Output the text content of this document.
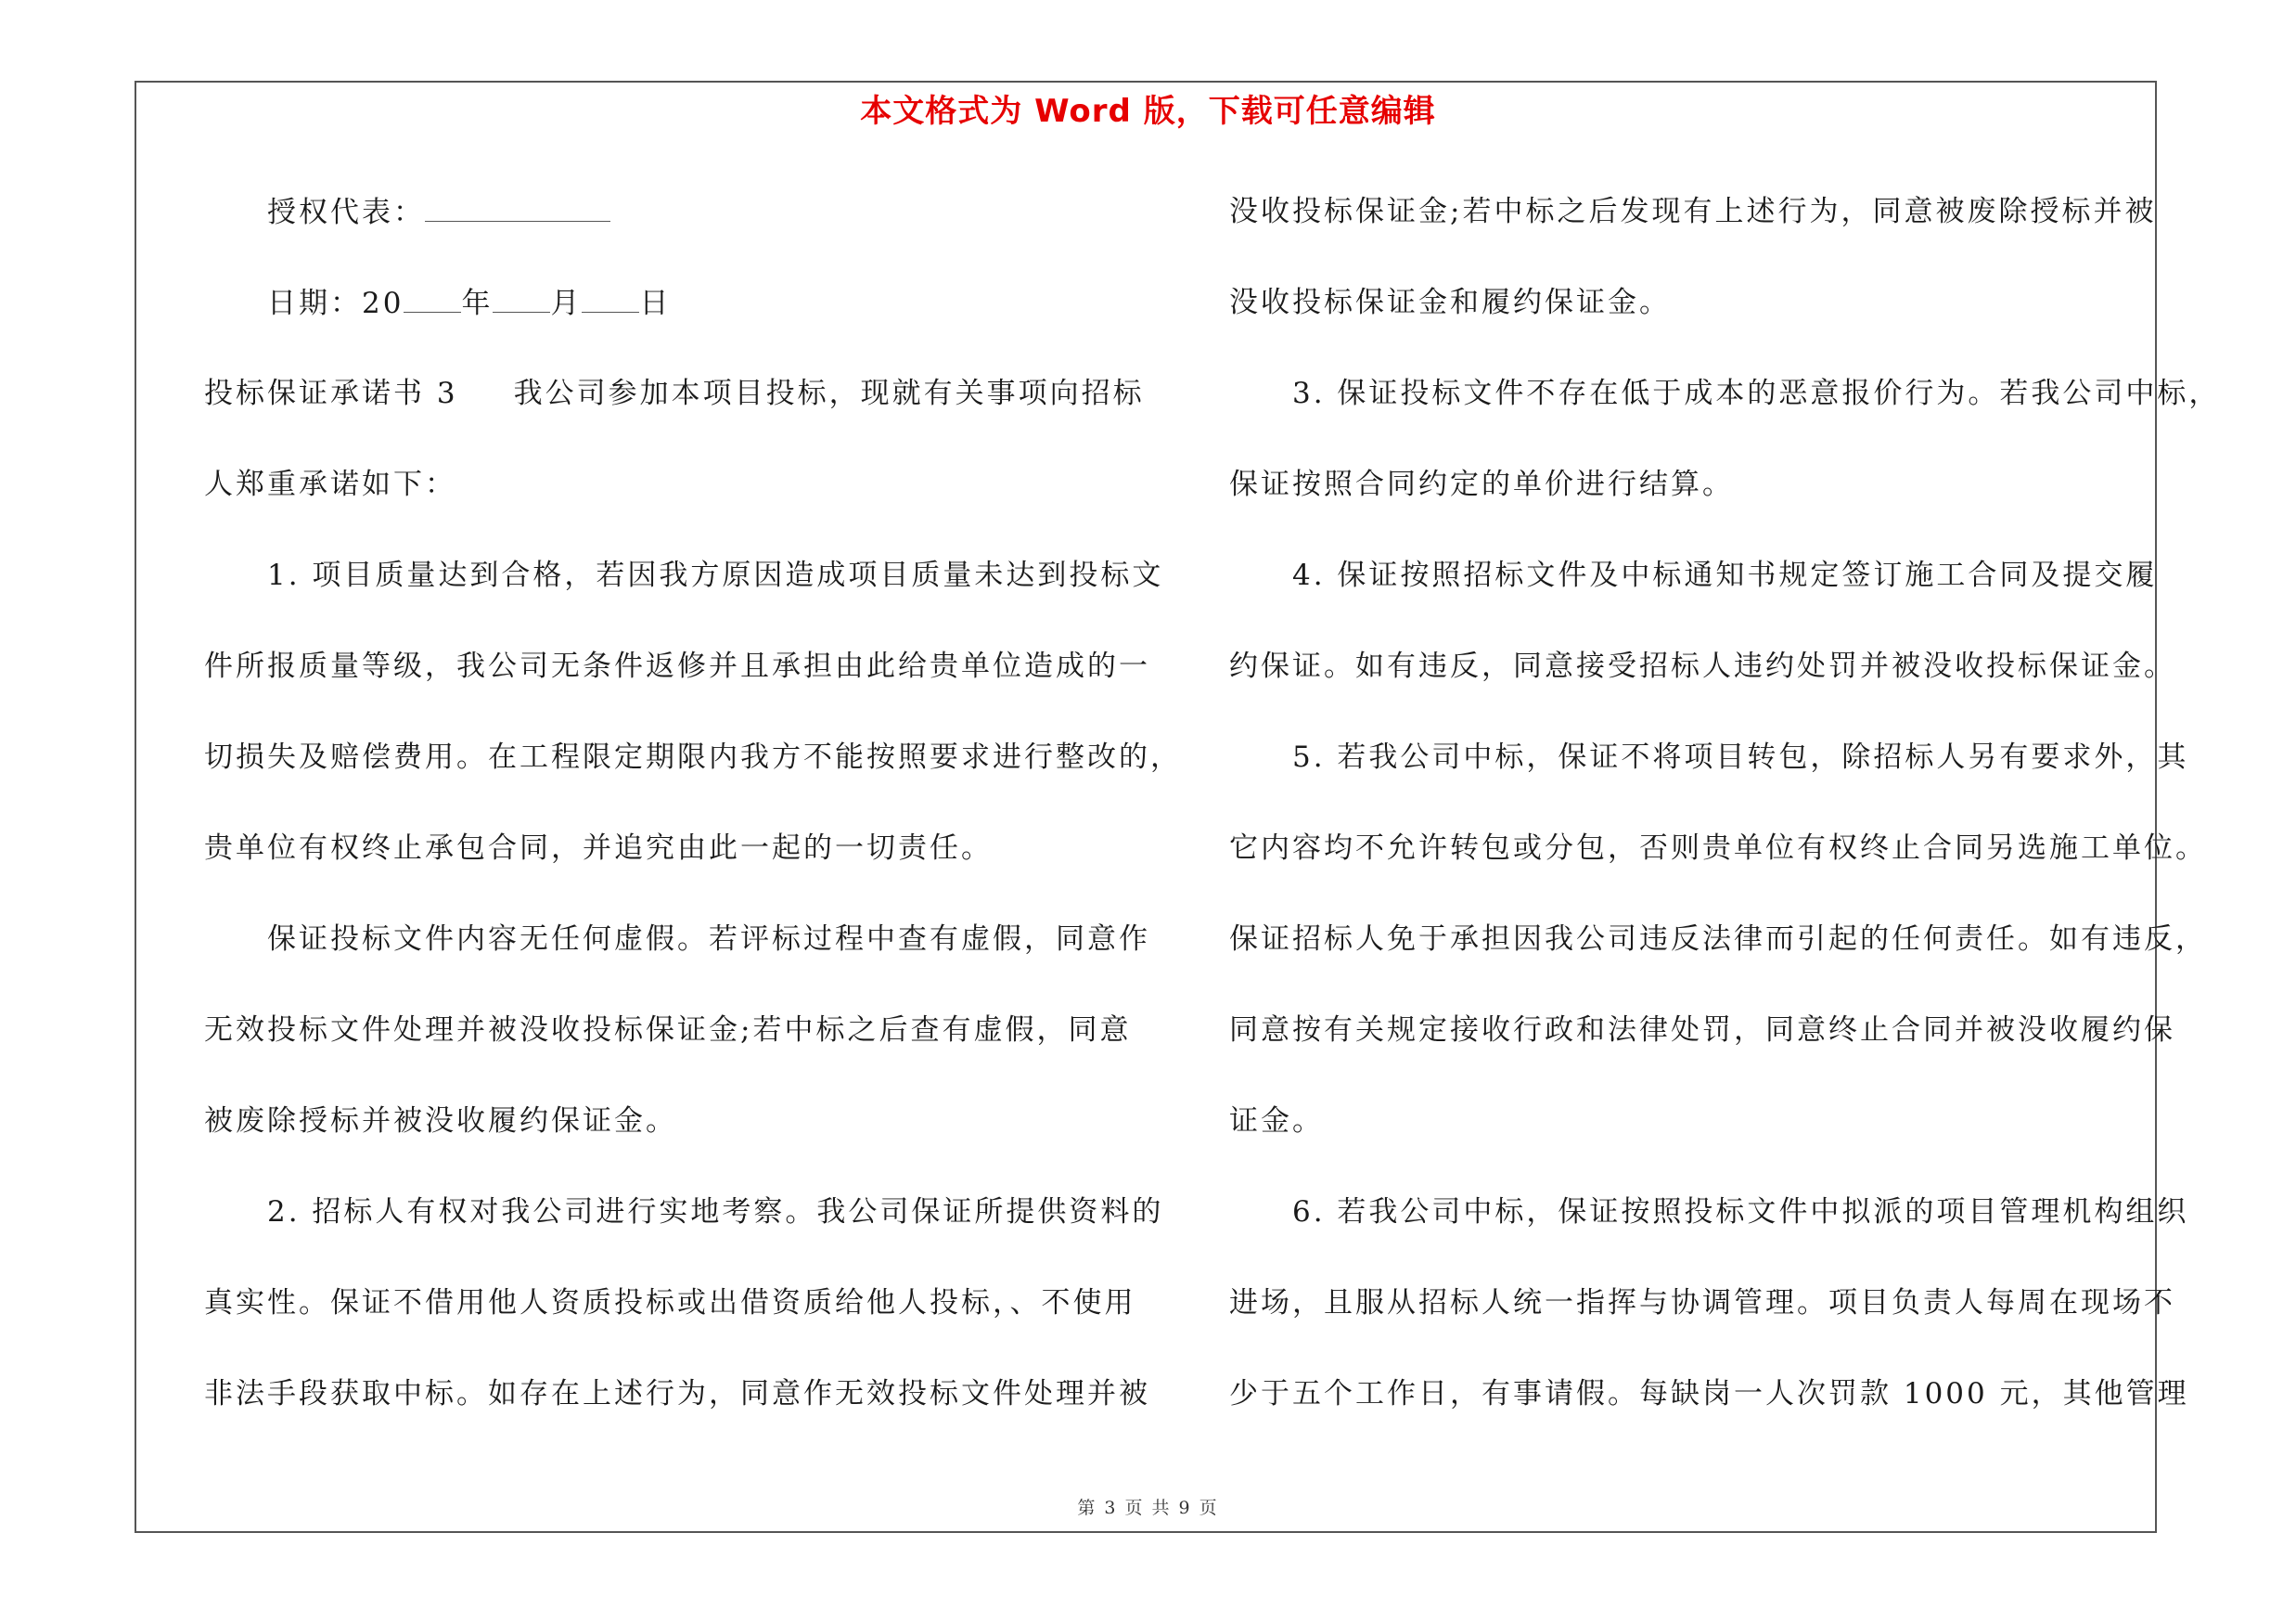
本文格式为 Word 版，下载可任意编辑
授权代表：
日期：20 年 月 日
投标保证承诺书 3 我公司参加本项目投标，现就有关事项向招标
人郑重承诺如下：
1. 项目质量达到合格，若因我方原因造成项目质量未达到投标文
件所报质量等级，我公司无条件返修并且承担由此给贵单位造成的一
切损失及赔偿费用。在工程限定期限内我方不能按照要求进行整改的，
贵单位有权终止承包合同，并追究由此一起的一切责任。
保证投标文件内容无任何虚假。若评标过程中查有虚假，同意作
无效投标文件处理并被没收投标保证金;若中标之后查有虚假，同意
被废除授标并被没收履约保证金。
2. 招标人有权对我公司进行实地考察。我公司保证所提供资料的
真实性。保证不借用他人资质投标或出借资质给他人投标，、不使用
非法手段获取中标。如存在上述行为，同意作无效投标文件处理并被
没收投标保证金;若中标之后发现有上述行为，同意被废除授标并被
没收投标保证金和履约保证金。
3. 保证投标文件不存在低于成本的恶意报价行为。若我公司中标，
保证按照合同约定的单价进行结算。
4. 保证按照招标文件及中标通知书规定签订施工合同及提交履
约保证。如有违反，同意接受招标人违约处罚并被没收投标保证金。
5. 若我公司中标，保证不将项目转包，除招标人另有要求外，其
它内容均不允许转包或分包，否则贵单位有权终止合同另选施工单位。
保证招标人免于承担因我公司违反法律而引起的任何责任。如有违反，
同意按有关规定接收行政和法律处罚，同意终止合同并被没收履约保
证金。
6. 若我公司中标，保证按照投标文件中拟派的项目管理机构组织
进场，且服从招标人统一指挥与协调管理。项目负责人每周在现场不
少于五个工作日，有事请假。每缺岗一人次罚款 1000 元，其他管理
第 3 页 共 9 页
